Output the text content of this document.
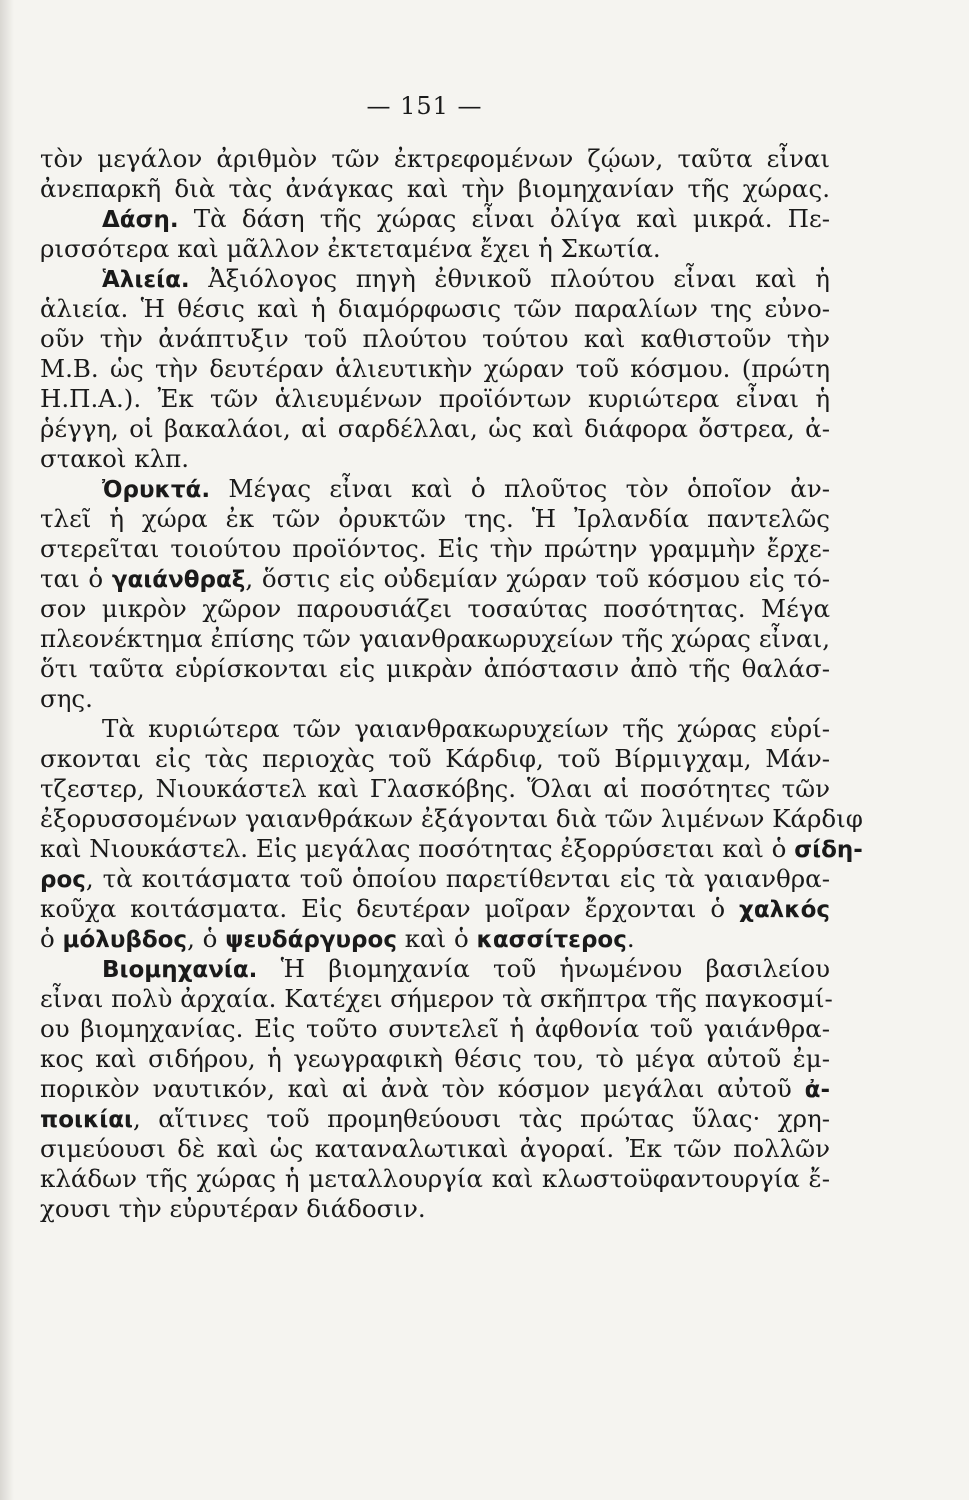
— 151 —
τὸν μεγάλον ἀριθμὸν τῶν ἐκτρεφομένων ζῴων, ταῦτα εἶναι
ἀνεπαρκῆ διὰ τὰς ἀνάγκας καὶ τὴν βιομηχανίαν τῆς χώρας.
Δάση. Τὰ δάση τῆς χώρας εἶναι ὀλίγα καὶ μικρά. Πε-
ρισσότερα καὶ μᾶλλον ἐκτεταμένα ἔχει ἡ Σκωτία.
Ἁλιεία. Ἀξιόλογος πηγὴ ἐθνικοῦ πλούτου εἶναι καὶ ἡ
ἁλιεία. Ἡ θέσις καὶ ἡ διαμόρφωσις τῶν παραλίων της εὐνο-
οῦν τὴν ἀνάπτυξιν τοῦ πλούτου τούτου καὶ καθιστοῦν τὴν
Μ.Β. ὡς τὴν δευτέραν ἁλιευτικὴν χώραν τοῦ κόσμου. (πρώτη
Η.Π.Α.). Ἐκ τῶν ἁλιευμένων προϊόντων κυριώτερα εἶναι ἡ
ῥέγγη, οἱ βακαλάοι, αἱ σαρδέλλαι, ὡς καὶ διάφορα ὄστρεα, ἀ-
στακοὶ κλπ.
Ὀρυκτά. Μέγας εἶναι καὶ ὁ πλοῦτος τὸν ὁποῖον ἀν-
τλεῖ ἡ χώρα ἐκ τῶν ὀρυκτῶν της. Ἡ Ἰρλανδία παντελῶς
στερεῖται τοιούτου προϊόντος. Εἰς τὴν πρώτην γραμμὴν ἔρχε-
ται ὁ γαιάνθραξ, ὅστις εἰς οὐδεμίαν χώραν τοῦ κόσμου εἰς τό-
σον μικρὸν χῶρον παρουσιάζει τοσαύτας ποσότητας. Μέγα
πλεονέκτημα ἐπίσης τῶν γαιανθρακωρυχείων τῆς χώρας εἶναι,
ὅτι ταῦτα εὑρίσκονται εἰς μικρὰν ἀπόστασιν ἀπὸ τῆς θαλάσ-
σης.
Τὰ κυριώτερα τῶν γαιανθρακωρυχείων τῆς χώρας εὑρί-
σκονται εἰς τὰς περιοχὰς τοῦ Κάρδιφ, τοῦ Βίρμιγχαμ, Μάν-
τζεστερ, Νιουκάστελ καὶ Γλασκόβης. Ὅλαι αἱ ποσότητες τῶν
ἐξορυσσομένων γαιανθράκων ἐξάγονται διὰ τῶν λιμένων Κάρδιφ
καὶ Νιουκάστελ. Εἰς μεγάλας ποσότητας ἐξορρύσεται καὶ ὁ σίδη-
ρος, τὰ κοιτάσματα τοῦ ὁποίου παρετίθενται εἰς τὰ γαιανθρα-
κοῦχα κοιτάσματα. Εἰς δευτέραν μοῖραν ἔρχονται ὁ χαλκός
ὁ μόλυβδος, ὁ ψευδάργυρος καὶ ὁ κασσίτερος.
Βιομηχανία. Ἡ βιομηχανία τοῦ ἡνωμένου βασιλείου
εἶναι πολὺ ἀρχαία. Κατέχει σήμερον τὰ σκῆπτρα τῆς παγκοσμί-
ου βιομηχανίας. Εἰς τοῦτο συντελεῖ ἡ ἀφθονία τοῦ γαιάνθρα-
κος καὶ σιδήρου, ἡ γεωγραφικὴ θέσις του, τὸ μέγα αὐτοῦ ἐμ-
πορικὸν ναυτικόν, καὶ αἱ ἀνὰ τὸν κόσμον μεγάλαι αὐτοῦ ἀ-
ποικίαι, αἵτινες τοῦ προμηθεύουσι τὰς πρώτας ὕλας· χρη-
σιμεύουσι δὲ καὶ ὡς καταναλωτικαὶ ἀγοραί. Ἐκ τῶν πολλῶν
κλάδων τῆς χώρας ἡ μεταλλουργία καὶ κλωστοϋφαντουργία ἔ-
χουσι τὴν εὐρυτέραν διάδοσιν.
